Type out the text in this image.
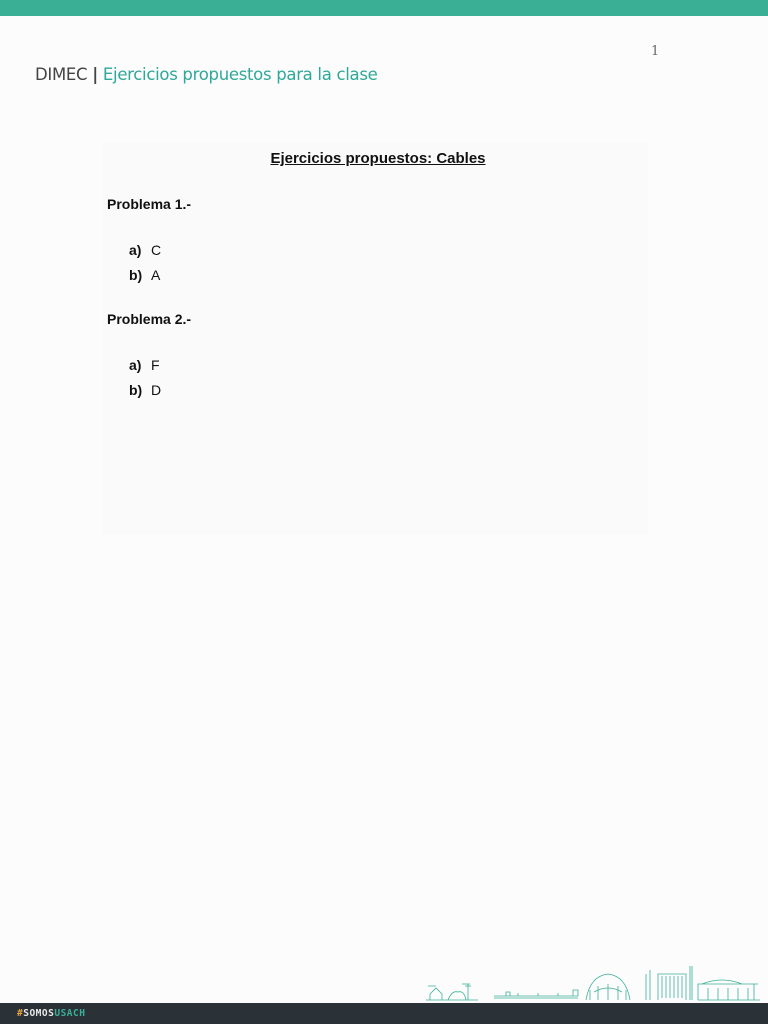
1
DIMEC | Ejercicios propuestos para la clase
Ejercicios propuestos: Cables
Problema 1.-
a) C
b) A
Problema 2.-
a) F
b) D
#SOMOSUSACH
